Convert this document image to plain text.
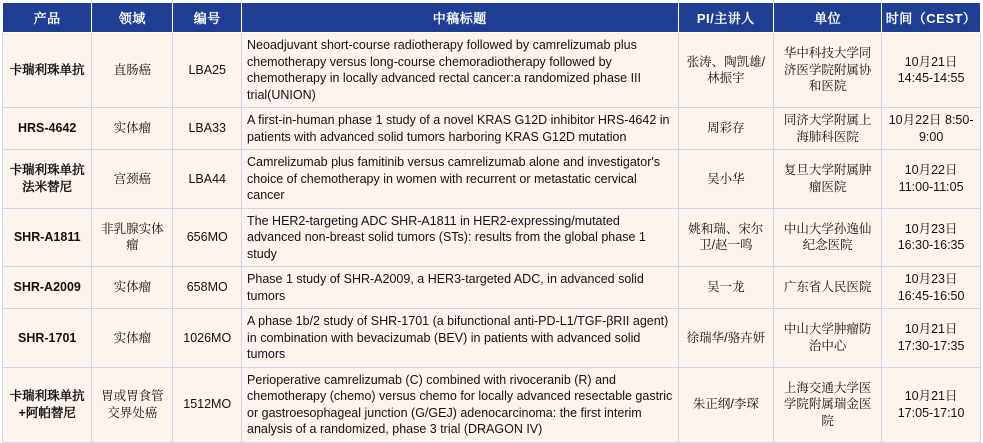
产品	领域	编号	中稿标题	PI/主讲人	单位	时间（CEST）
卡瑞利珠单抗	直肠癌	LBA25	Neoadjuvant short-course radiotherapy followed by camrelizumab plus chemotherapy versus long-course chemoradiotherapy followed by chemotherapy in locally advanced rectal cancer:a randomized phase III trial(UNION)	张涛、陶凯雄/林振宇	华中科技大学同济医学院附属协和医院	10月21日 14:45-14:55
HRS-4642	实体瘤	LBA33	A first-in-human phase 1 study of a novel KRAS G12D inhibitor HRS-4642 in patients with advanced solid tumors harboring KRAS G12D mutation	周彩存	同济大学附属上海肺科医院	10月22日 8:50-9:00
卡瑞利珠单抗法米替尼	宫颈癌	LBA44	Camrelizumab plus famitinib versus camrelizumab alone and investigator's choice of chemotherapy in women with recurrent or metastatic cervical cancer	吴小华	复旦大学附属肿瘤医院	10月22日 11:00-11:05
SHR-A1811	非乳腺实体瘤	656MO	The HER2-targeting ADC SHR-A1811 in HER2-expressing/mutated advanced non-breast solid tumors (STs): results from the global phase 1 study	姚和瑞、宋尔卫/赵一鸣	中山大学孙逸仙纪念医院	10月23日 16:30-16:35
SHR-A2009	实体瘤	658MO	Phase 1 study of SHR-A2009, a HER3-targeted ADC, in advanced solid tumors	吴一龙	广东省人民医院	10月23日 16:45-16:50
SHR-1701	实体瘤	1026MO	A phase 1b/2 study of SHR-1701 (a bifunctional anti-PD-L1/TGF-βRII agent) in combination with bevacizumab (BEV) in patients with advanced solid tumors	徐瑞华/骆卉妍	中山大学肿瘤防治中心	10月21日 17:30-17:35
卡瑞利珠单抗+阿帕替尼	胃或胃食管交界处癌	1512MO	Perioperative camrelizumab (C) combined with rivoceranib (R) and chemotherapy (chemo) versus chemo for locally advanced resectable gastric or gastroesophageal junction (G/GEJ) adenocarcinoma: the first interim analysis of a randomized, phase 3 trial (DRAGON IV)	朱正纲/李琛	上海交通大学医学院附属瑞金医院	10月21日 17:05-17:10
